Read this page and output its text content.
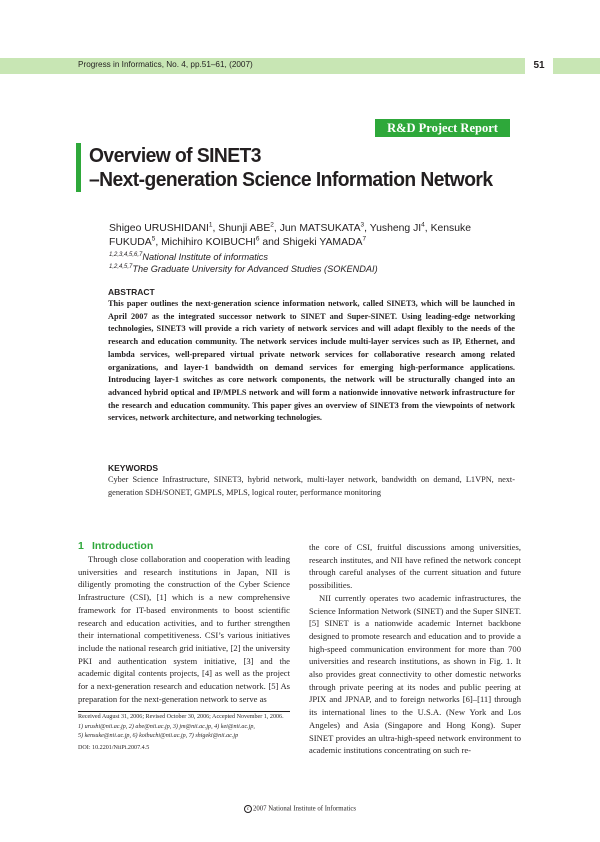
Progress in Informatics, No. 4, pp.51–61, (2007)	51
R&D Project Report
Overview of SINET3
–Next-generation Science Information Network
Shigeo URUSHIDANI$^1$, Shunji ABE$^2$, Jun MATSUKATA$^3$, Yusheng $JI^4$, Kensuke
FUKUDA$^5$, Michihiro KOIBUCHI$^6$ and Shigeki YAMADA$^7$
$^{1,2,3,4,5,6,7}$National Institute of informatics
$^{1,2,4,5,7}$The Graduate University for Advanced Studies (SOKENDAI)
ABSTRACT

This paper outlines the next-generation science information network, called SINET3, which will be launched in April 2007 as the integrated successor network to SINET and Super-SINET. Using leading-edge networking technologies, SINET3 will provide a rich variety of network services and will adapt flexibly to the needs of the research and education community. The network services include multi-layer services such as IP, Ethernet, and lambda services, well-prepared virtual private network services for collaborative research among related organizations, and layer-1 bandwidth on demand services for emerging high-performance applications. Introducing layer-1 switches as core network components, the network will be structurally changed into an advanced hybrid optical and IP/MPLS network and will form a nationwide innovative network infrastructure for the research and education community. This paper gives an overview of SINET3 from the viewpoints of network services, network architecture, and networking technologies.

KEYWORDS

Cyber Science Infrastructure, SINET3, hybrid network, multi-layer network, bandwidth on demand, L1VPN, next-generation SDH/SONET, GMPLS, MPLS, logical router, performance monitoring

1 Introduction

Through close collaboration and cooperation with leading universities and research institutions in Japan, NII is diligently promoting the construction of the Cyber Science Infrastructure (CSI), [1] which is a new comprehensive framework for IT-based environments to boost scientific research and education activities, and to further strengthen their international competitiveness. CSI’s various initiatives include the national research grid initiative, [2] the university PKI and authentication system initiative, [3] and the academic digital contents projects, [4] as well as the project for a next-generation research and education network. [5] As preparation for the next-generation network to serve as

the core of CSI, fruitful discussions among universities, research institutes, and NII have refined the network concept through careful analyses of the current situation and future possibilities.

NII currently operates two academic infrastructures, the Science Information Network (SINET) and the Super SINET. [5] SINET is a nationwide academic Internet backbone designed to promote research and education and to provide a high-speed communication environment for more than 700 universities and research institutions, as shown in Fig. 1. It also provides great connectivity to other domestic networks through private peering at its nodes and public peering at JPIX and JPNAP, and to foreign networks [6]–[11] through its international lines to the U.S.A. (New York and Los Angeles) and Asia (Singapore and Hong Kong). Super SINET provides an ultra-high-speed network environment to academic institutions concentrating on such re-

Received August 31, 2006; Revised October 30, 2006; Accepted November 1, 2006.
1) urushi@nii.ac.jp, 2) abe@nii.ac.jp, 3) jm@nii.ac.jp, 4) kei@nii.ac.jp,
5) kensuke@nii.ac.jp, 6) koibuchi@nii.ac.jp, 7) shigeki@nii.ac.jp
DOI: 10.2201/NiiPi.2007.4.5
c 2007 National Institute of Informatics
